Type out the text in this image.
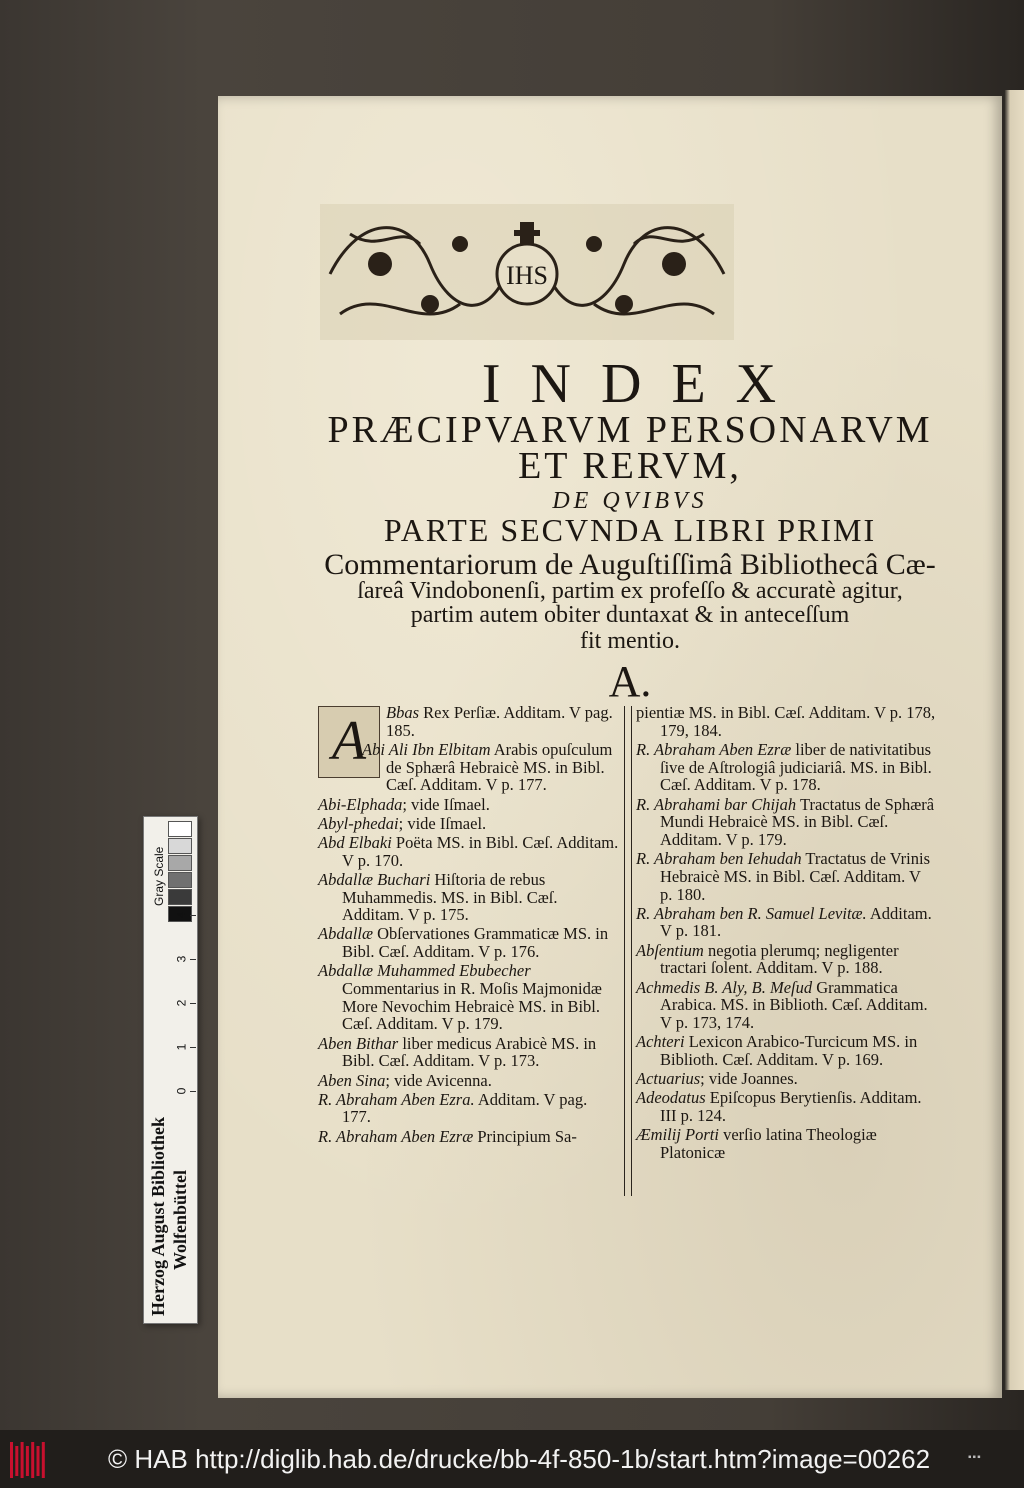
IHS
INDEX
PRÆCIPVARVM PERSONARVM
ET RERVM,
DE QVIBVS
PARTE SECVNDA LIBRI PRIMI
Commentariorum de Auguſtiſſimâ Bibliothecâ Cæ-
ſareâ Vindobonenſi, partim ex profeſſo & accuratè agitur,
partim autem obiter duntaxat & in anteceſſum
fit mentio.
A.
A	Bbas Rex Perſiæ. Additam. V pag. 185.
Abi Ali Ibn Elbitam Arabis opuſculum de Sphærâ Hebraicè MS. in Bibl. Cæſ. Additam. V p. 177.
Abi-Elphada; vide Iſmael.
Abyl-phedai; vide Iſmael.
Abd Elbaki Poëta MS. in Bibl. Cæſ. Additam. V p. 170.
Abdallæ Buchari Hiſtoria de rebus Muhammedis. MS. in Bibl. Cæſ. Additam. V p. 175.
Abdallæ Obſervationes Grammaticæ MS. in Bibl. Cæſ. Additam. V p. 176.
Abdallæ Muhammed Ebubecher Commentarius in R. Moſis Majmonidæ More Nevochim Hebraicè MS. in Bibl. Cæſ. Additam. V p. 179.
Aben Bithar liber medicus Arabicè MS. in Bibl. Cæſ. Additam. V p. 173.
Aben Sina; vide Avicenna.
R. Abraham Aben Ezra. Additam. V pag. 177.
R. Abraham Aben Ezræ Principium Sa-
pientiæ MS. in Bibl. Cæſ. Additam. V p. 178, 179, 184.
R. Abraham Aben Ezræ liber de nativitatibus ſive de Aſtrologiâ judiciariâ. MS. in Bibl. Cæſ. Additam. V p. 178.
R. Abrahami bar Chijah Tractatus de Sphærâ Mundi Hebraicè MS. in Bibl. Cæſ. Additam. V p. 179.
R. Abraham ben Iehudah Tractatus de Vrinis Hebraicè MS. in Bibl. Cæſ. Additam. V p. 180.
R. Abraham ben R. Samuel Levitæ. Additam. V p. 181.
Abſentium negotia plerumq; negligenter tractari ſolent. Additam. V p. 188.
Achmedis B. Aly, B. Meſud Grammatica Arabica. MS. in Biblioth. Cæſ. Additam. V p. 173, 174.
Achteri Lexicon Arabico-Turcicum MS. in Biblioth. Cæſ. Additam. V p. 169.
Actuarius; vide Joannes.
Adeodatus Epiſcopus Berytienſis. Additam. III p. 124.
Æmilij Porti verſio latina Theologiæ Platonicæ
Gray Scale
4
3
2
1
0
Herzog August Bibliothek Wolfenbüttel
© HAB http://diglib.hab.de/drucke/bb-4f-850-1b/start.htm?image=00262	▪▪▪
